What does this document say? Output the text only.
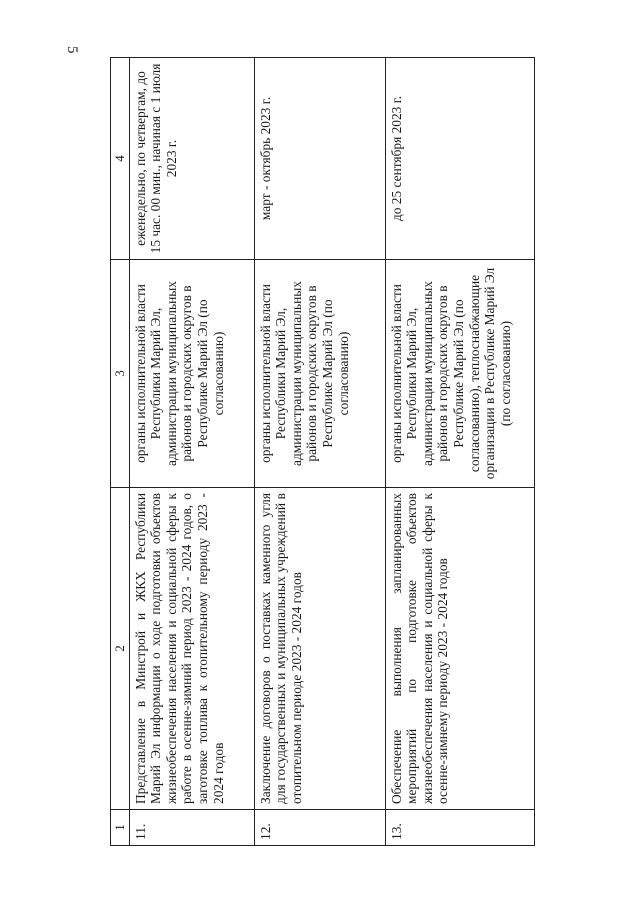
5
1	2	3	4
11.	Представление в Минстрой и ЖКХ Республики Марий Эл информации о ходе подготовки объектов жизнеобеспечения населения и социальной сферы к работе в осенне-зимний период 2023 - 2024 годов, о заготовке топлива к отопительному периоду 2023 - 2024 годов	органы исполнительной власти Республики Марий Эл, администрации муниципальных районов и городских округов в Республике Марий Эл (по согласованию)	еженедельно, по четвергам, до 15 час. 00 мин., начиная с 1 июля 2023 г.
12.	Заключение договоров о поставках каменного угля для государственных и муниципальных учреждений в отопительном периоде 2023 - 2024 годов	органы исполнительной власти Республики Марий Эл, администрации муниципальных районов и городских округов в Республике Марий Эл (по согласованию)	март - октябрь 2023 г.
13.	Обеспечение выполнения запланированных мероприятий по подготовке объектов жизнеобеспечения населения и социальной сферы к осенне-зимнему периоду 2023 - 2024 годов	органы исполнительной власти Республики Марий Эл, администрации муниципальных районов и городских округов в Республике Марий Эл (по согласованию), теплоснабжающие организации в Республике Марий Эл (по согласованию)	до 25 сентября 2023 г.
